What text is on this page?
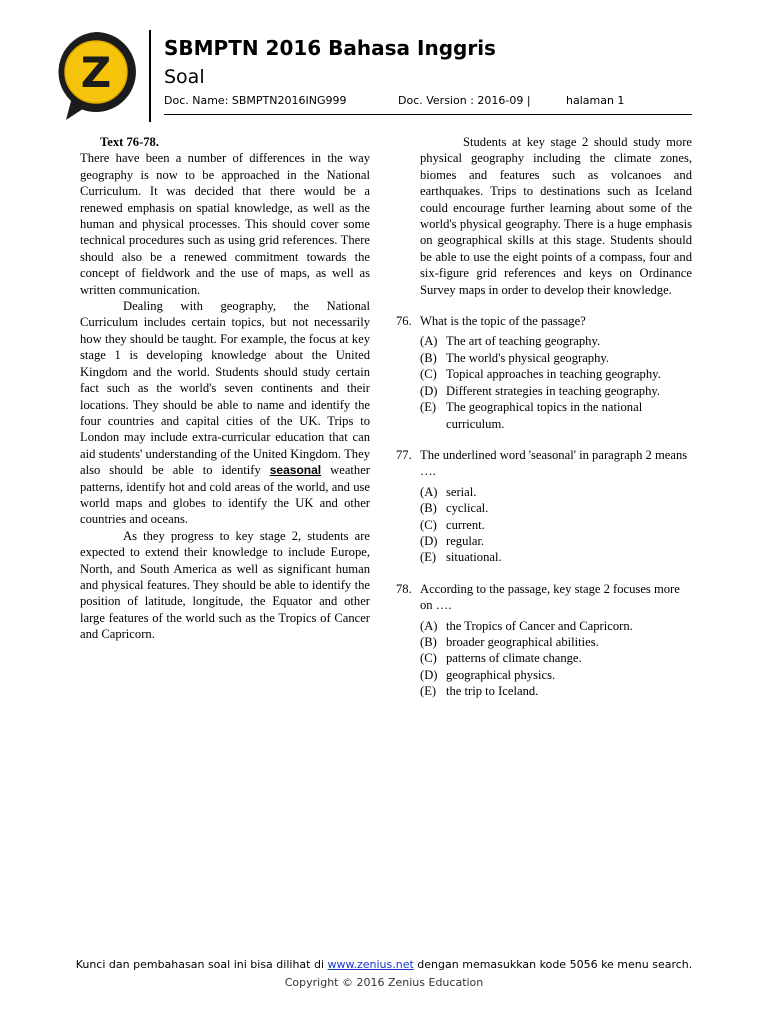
Z	SBMPTN 2016 Bahasa Inggris
Soal
Doc. Name: SBMPTN2016ING999	Doc. Version : 2016-09 |	halaman 1

Text 76-78.

There have been a number of differences in the way geography is now to be approached in the National Curriculum. It was decided that there would be a renewed emphasis on spatial knowledge, as well as the human and physical processes. This should cover some technical procedures such as using grid references. There should also be a renewed commitment towards the concept of fieldwork and the use of maps, as well as written communication.

Dealing with geography, the National Curriculum includes certain topics, but not necessarily how they should be taught. For example, the focus at key stage 1 is developing knowledge about the United Kingdom and the world. Students should study certain fact such as the world's seven continents and their locations. They should be able to name and identify the four countries and capital cities of the UK. Trips to London may include extra-curricular education that can aid students' understanding of the United Kingdom. They also should be able to identify seasonal weather patterns, identify hot and cold areas of the world, and use world maps and globes to identify the UK and other countries and oceans.

As they progress to key stage 2, students are expected to extend their knowledge to include Europe, North, and South America as well as significant human and physical features. They should be able to identify the position of latitude, longitude, the Equator and other large features of the world such as the Tropics of Cancer and Capricorn.

Students at key stage 2 should study more physical geography including the climate zones, biomes and features such as volcanoes and earthquakes. Trips to destinations such as Iceland could encourage further learning about some of the world's physical geography. There is a huge emphasis on geographical skills at this stage. Students should be able to use the eight points of a compass, four and six-figure grid references and keys on Ordinance Survey maps in order to develop their knowledge.

76. What is the topic of the passage?
(A) The art of teaching geography.
(B) The world's physical geography.
(C) Topical approaches in teaching geography.
(D) Different strategies in teaching geography.
(E) The geographical topics in the national curriculum.
77. The underlined word 'seasonal' in paragraph 2 means ….
(A) serial.
(B) cyclical.
(C) current.
(D) regular.
(E) situational.
78. According to the passage, key stage 2 focuses more on ….
(A) the Tropics of Cancer and Capricorn.
(B) broader geographical abilities.
(C) patterns of climate change.
(D) geographical physics.
(E) the trip to Iceland.
Kunci dan pembahasan soal ini bisa dilihat di www.zenius.net dengan memasukkan kode 5056 ke menu search.
Copyright © 2016 Zenius Education
